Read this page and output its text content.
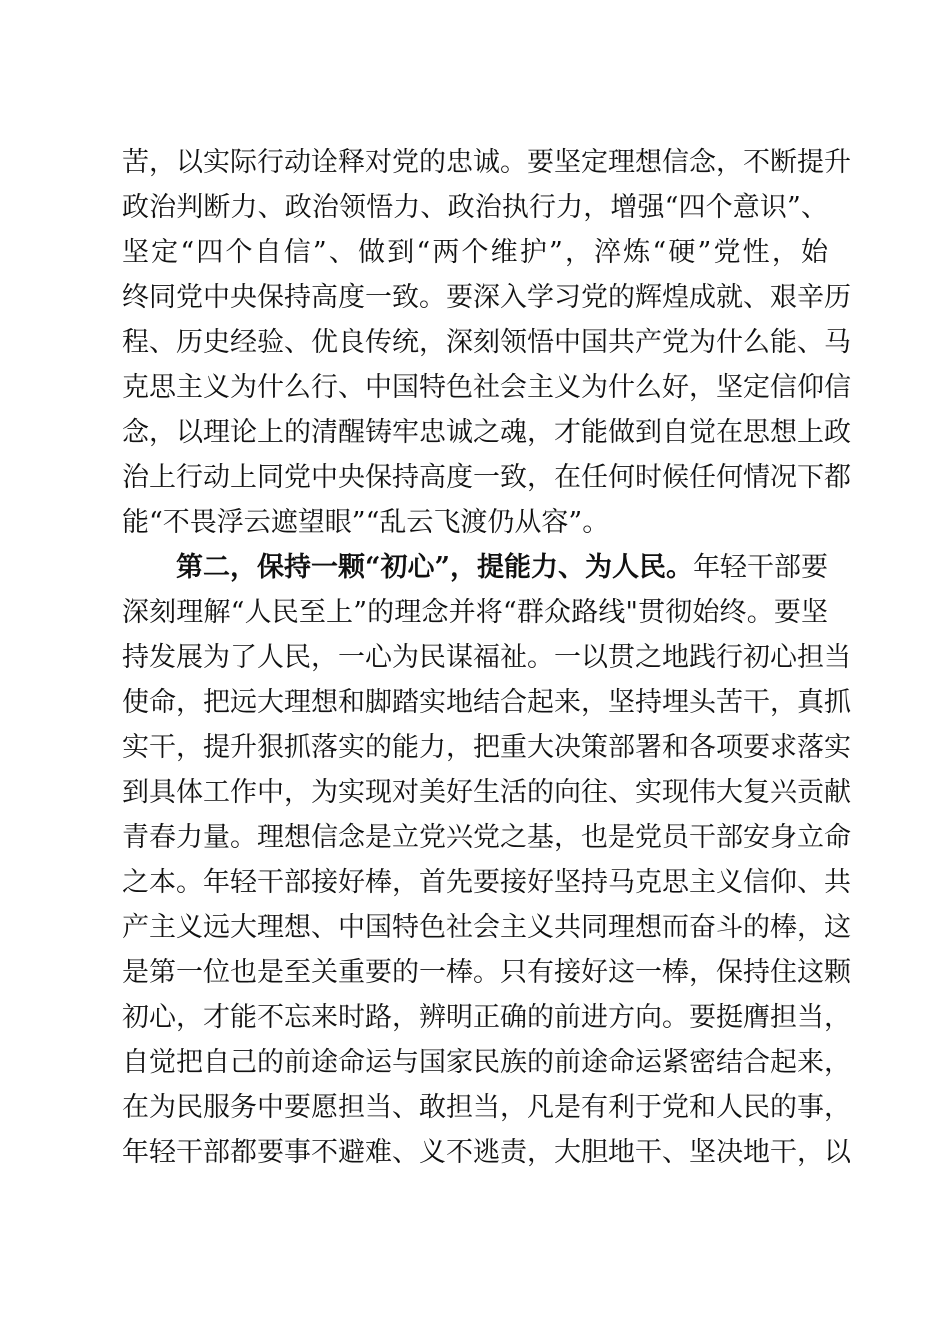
苦，以实际行动诠释对党的忠诚。要坚定理想信念，不断提升
政治判断力、政治领悟力、政治执行力，增强“四个意识”、
坚定“四个自信”、做到“两个维护”，淬炼“硬”党性，始
终同党中央保持高度一致。要深入学习党的辉煌成就、艰辛历
程、历史经验、优良传统，深刻领悟中国共产党为什么能、马
克思主义为什么行、中国特色社会主义为什么好，坚定信仰信
念，以理论上的清醒铸牢忠诚之魂，才能做到自觉在思想上政
治上行动上同党中央保持高度一致，在任何时候任何情况下都
能“不畏浮云遮望眼”“乱云飞渡仍从容”。
第二，保持一颗“初心”，提能力、为人民。年轻干部要
深刻理解“人民至上”的理念并将“群众路线"贯彻始终。要坚
持发展为了人民，一心为民谋福祉。一以贯之地践行初心担当
使命，把远大理想和脚踏实地结合起来，坚持埋头苦干，真抓
实干，提升狠抓落实的能力，把重大决策部署和各项要求落实
到具体工作中，为实现对美好生活的向往、实现伟大复兴贡献
青春力量。理想信念是立党兴党之基，也是党员干部安身立命
之本。年轻干部接好棒，首先要接好坚持马克思主义信仰、共
产主义远大理想、中国特色社会主义共同理想而奋斗的棒，这
是第一位也是至关重要的一棒。只有接好这一棒，保持住这颗
初心，才能不忘来时路，辨明正确的前进方向。要挺膺担当，
自觉把自己的前途命运与国家民族的前途命运紧密结合起来，
在为民服务中要愿担当、敢担当，凡是有利于党和人民的事，
年轻干部都要事不避难、义不逃责，大胆地干、坚决地干，以
